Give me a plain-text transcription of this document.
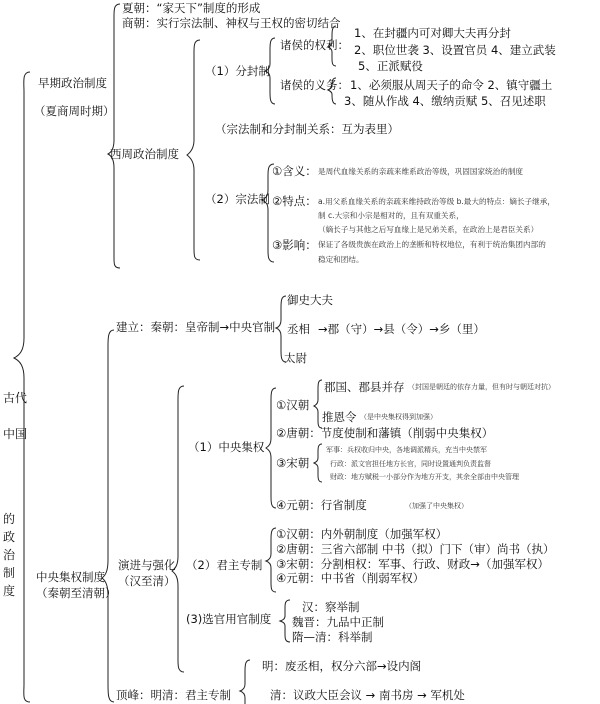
古代
中国
的政治制度
早期政治制度
（夏商周时期）
夏朝：“家天下”制度的形成
商朝：实行宗法制、神权与王权的密切结合
西周政治制度
（1）分封制
诸侯的权利：
1、在封疆内可对卿大夫再分封
2、职位世袭 3、设置官员 4、建立武装
5、正派赋役
诸侯的义务： 1、必须服从周天子的命令 2、镇守疆土
3、随从作战 4、缴纳贡赋 5、召见述职
（宗法制和分封制关系：互为表里）
（2）宗法制
①含义： 是周代血缘关系的亲疏来维系政治等级，巩固国家统治的制度
②特点： a.用父系血缘关系的亲疏来维持政治等级 b.最大的特点：嫡长子继承，
制 c.大宗和小宗是相对的，且有双重关系，
（嫡长子与其他之后写血缘上是兄弟关系，在政治上是君臣关系）
③影响： 保证了各级贵族在政治上的垄断和特权地位，有利于统治集团内部的
稳定和团结。
中央集权制度
（秦朝至清朝）
建立：秦朝：皇帝制→中央官制
御史大夫
丞相 →郡（守）→县（令）→乡（里）
太尉
演进与强化
（汉至清）
（1）中央集权
①汉朝
郡国、郡县并存 （封国是朝廷的依存力量，但有时与朝廷对抗）
推恩令 （是中央集权得到加强）
②唐朝：节度使制和藩镇（削弱中央集权）
③宋朝
军事：兵权收归中央，各地调派精兵，充当中央禁军
行政：派文官担任地方长官，同时设置通判负责监督
财政：地方赋税一小部分作为地方开支，其余全部由中央管理
④元朝：行省制度	（加强了中央集权）
（2）君主专制
①汉朝：内外朝制度（加强军权）
②唐朝：三省六部制 中书（拟）门下（审）尚书（执）
③宋朝：分割相权：军事、行政、财政→（加强军权）
④元朝：中书省（削弱军权）
(3)选官用官制度
汉：察举制
魏晋：九品中正制
隋—清：科举制
顶峰：明清：君主专制
明：废丞相，权分六部→设内阁
清：议政大臣会议 → 南书房 → 军机处
